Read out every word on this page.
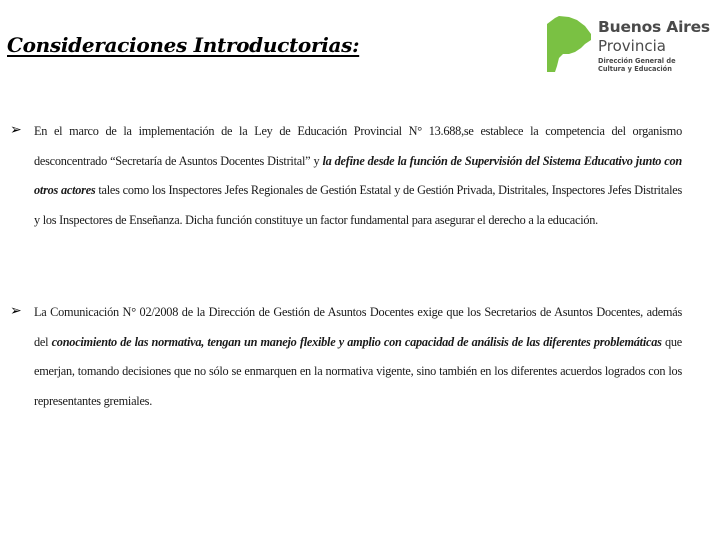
Consideraciones Introductorias:
Buenos Aires
Provincia
Dirección General de
Cultura y Educación
➢ En el marco de la implementación de la Ley de Educación Provincial N° 13.688,se establece la competencia del organismo desconcentrado “Secretaría de Asuntos Docentes Distrital” y la define desde la función de Supervisión del Sistema Educativo junto con otros actores tales como los Inspectores Jefes Regionales de Gestión Estatal y de Gestión Privada, Distritales, Inspectores Jefes Distritales y los Inspectores de Enseñanza. Dicha función constituye un factor fundamental para asegurar el derecho a la educación.

➢ La Comunicación N° 02/2008 de la Dirección de Gestión de Asuntos Docentes exige que los Secretarios de Asuntos Docentes, además del conocimiento de las normativa, tengan un manejo flexible y amplio con capacidad de análisis de las diferentes problemáticas que emerjan, tomando decisiones que no sólo se enmarquen en la normativa vigente, sino también en los diferentes acuerdos logrados con los representantes gremiales.
